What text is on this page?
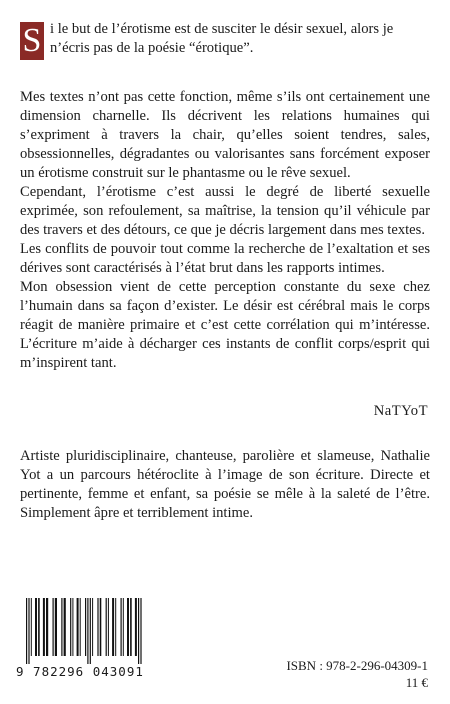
S i le but de l’érotisme est de susciter le désir sexuel, alors je n’écris pas de la poésie “érotique”.

Mes textes n’ont pas cette fonction, même s’ils ont certainement une dimension charnelle. Ils décrivent les relations humaines qui s’expriment à travers la chair, qu’elles soient tendres, sales, obsessionnelles, dégradantes ou valorisantes sans forcément exposer un érotisme construit sur le phantasme ou le rêve sexuel.

Cependant, l’érotisme c’est aussi le degré de liberté sexuelle exprimée, son refoulement, sa maîtrise, la tension qu’il véhicule par des travers et des détours, ce que je décris largement dans mes textes.

Les conflits de pouvoir tout comme la recherche de l’exaltation et ses dérives sont caractérisés à l’état brut dans les rapports intimes.

Mon obsession vient de cette perception constante du sexe chez l’humain dans sa façon d’exister. Le désir est cérébral mais le corps réagit de manière primaire et c’est cette corrélation qui m’intéresse. L’écriture m’aide à décharger ces instants de conflit corps/esprit qui m’inspirent tant.

NaTYoT
Artiste pluridisciplinaire, chanteuse, parolière et slameuse, Nathalie Yot a un parcours hétéroclite à l’image de son écriture. Directe et pertinente, femme et enfant, sa poésie se mêle à la saleté de l’être. Simplement âpre et terriblement intime.
9 782296 043091	ISBN : 978-2-296-04309-1
11 €
